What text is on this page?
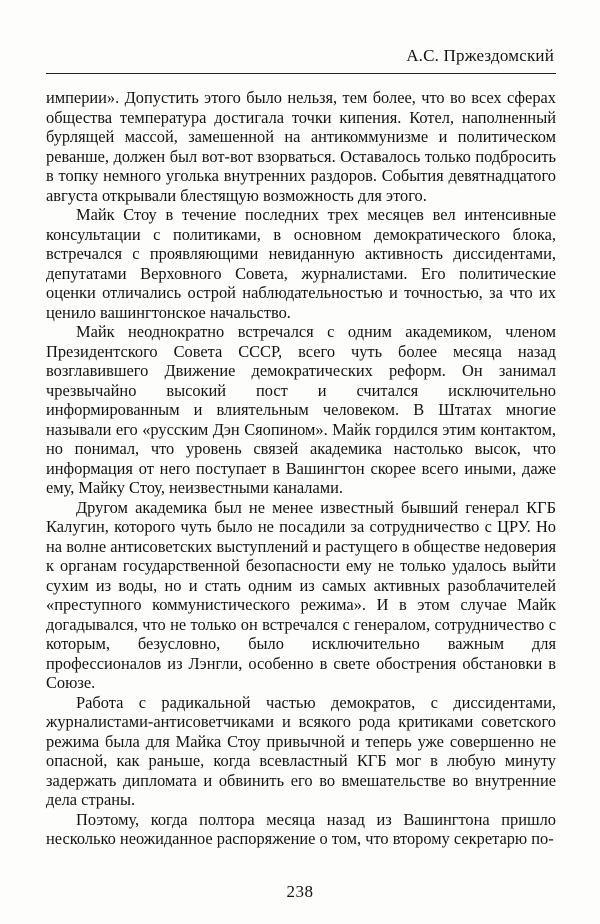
А.С. Пржездомский

империи». Допустить этого было нельзя, тем более, что во всех сферах общества температура достигала точки кипения. Котел, наполненный бурлящей массой, замешенной на антикоммунизме и политическом реванше, должен был вот-вот взорваться. Оставалось только подбросить в топку немного уголька внутренних раздоров. События девятнадцатого августа открывали блестящую возможность для этого.

Майк Стоу в течение последних трех месяцев вел интенсивные консультации с политиками, в основном демократического блока, встречался с проявляющими невиданную активность диссидентами, депутатами Верховного Совета, журналистами. Его политические оценки отличались острой наблюдательностью и точностью, за что их ценило вашингтонское начальство.

Майк неоднократно встречался с одним академиком, членом Президентского Совета СССР, всего чуть более месяца назад возглавившего Движение демократических реформ. Он занимал чрезвычайно высокий пост и считался исключительно информированным и влиятельным человеком. В Штатах многие называли его «русским Дэн Сяопином». Майк гордился этим контактом, но понимал, что уровень связей академика настолько высок, что информация от него поступает в Вашингтон скорее всего иными, даже ему, Майку Стоу, неизвестными каналами.

Другом академика был не менее известный бывший генерал КГБ Калугин, которого чуть было не посадили за сотрудничество с ЦРУ. Но на волне антисоветских выступлений и растущего в обществе недоверия к органам государственной безопасности ему не только удалось выйти сухим из воды, но и стать одним из самых активных разоблачителей «преступного коммунистического режима». И в этом случае Майк догадывался, что не только он встречался с генералом, сотрудничество с которым, безусловно, было исключительно важным для профессионалов из Лэнгли, особенно в свете обострения обстановки в Союзе.

Работа с радикальной частью демократов, с диссидентами, журналистами-антисоветчиками и всякого рода критиками советского режима была для Майка Стоу привычной и теперь уже совершенно не опасной, как раньше, когда всевластный КГБ мог в любую минуту задержать дипломата и обвинить его во вмешательстве во внутренние дела страны.

Поэтому, когда полтора месяца назад из Вашингтона пришло несколько неожиданное распоряжение о том, что второму секретарю по-

238
